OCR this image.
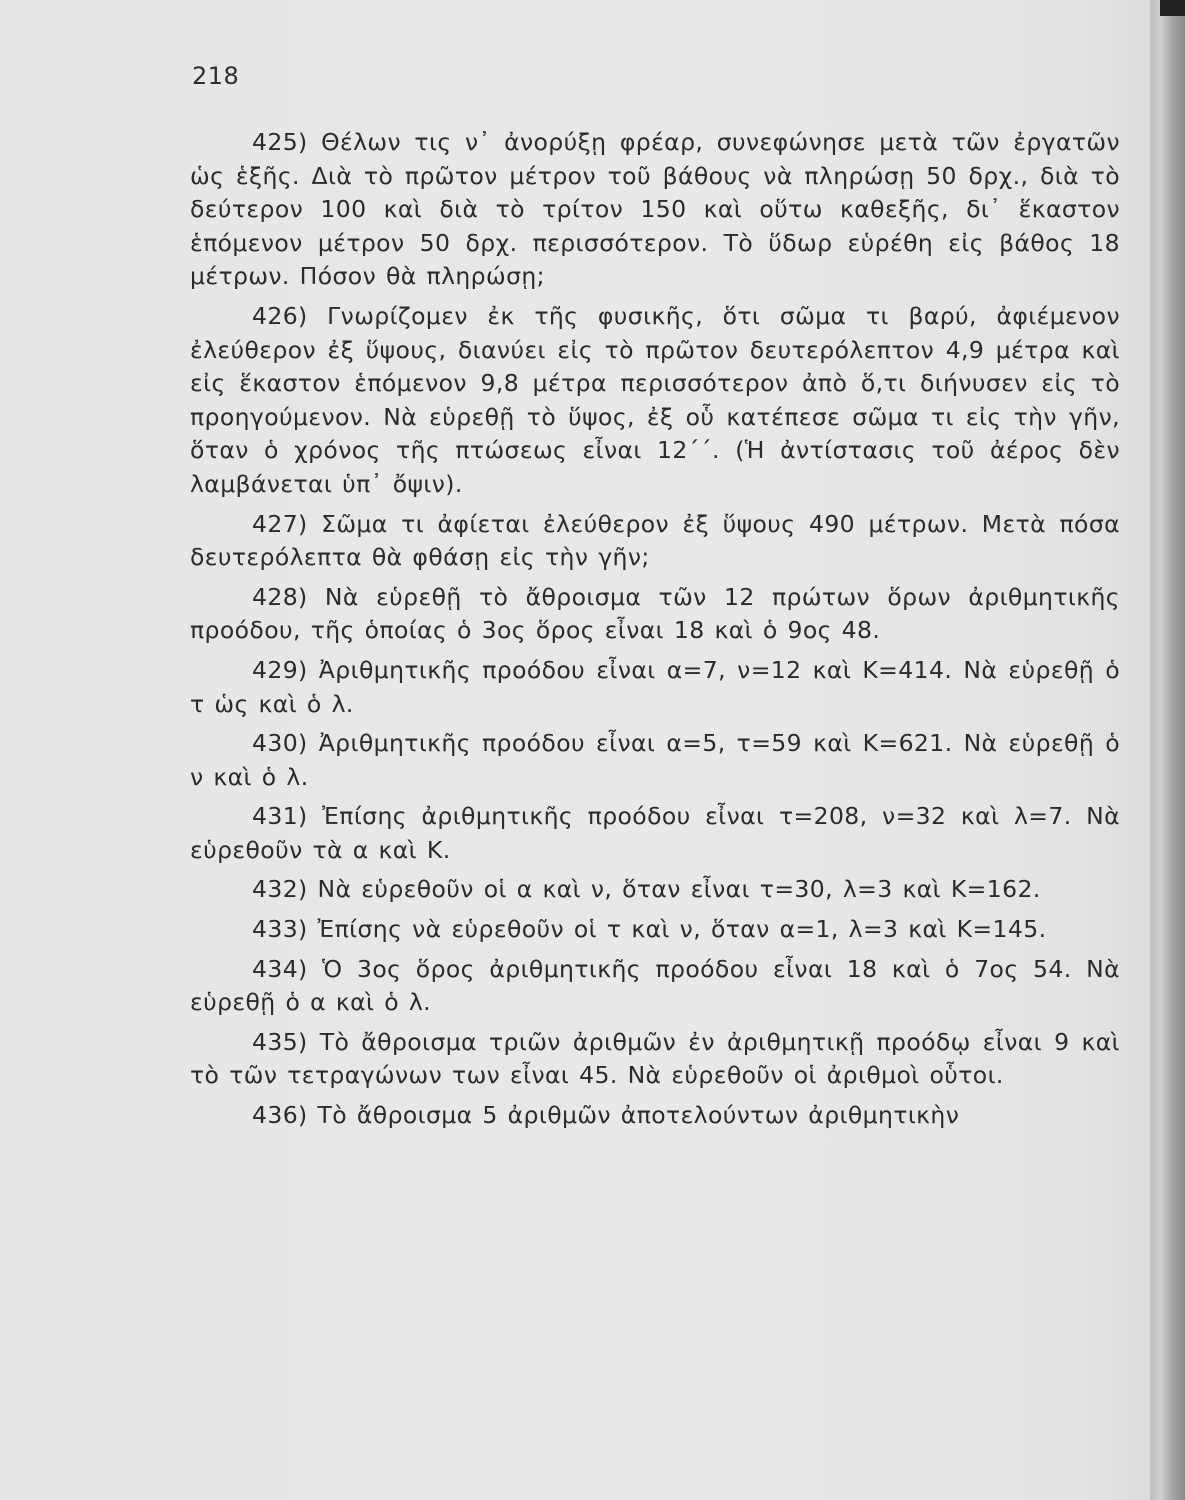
218

425) Θέλων τις ν᾽ ἀνορύξῃ φρέαρ, συνεφώνησε μετὰ τῶν ἐργατῶν ὡς ἑξῆς. Διὰ τὸ πρῶτον μέτρον τοῦ βάθους νὰ πληρώσῃ 50 δρχ., διὰ τὸ δεύτερον 100 καὶ διὰ τὸ τρίτον 150 καὶ οὕτω καθεξῆς, δι᾽ ἕκαστον ἑπόμενον μέτρον 50 δρχ. περισσότερον. Τὸ ὕδωρ εὑρέθη εἰς βάθος 18 μέτρων. Πόσον θὰ πληρώσῃ;

426) Γνωρίζομεν ἐκ τῆς φυσικῆς, ὅτι σῶμα τι βαρύ, ἀφιέμενον ἐλεύθερον ἐξ ὕψους, διανύει εἰς τὸ πρῶτον δευτερόλεπτον 4,9 μέτρα καὶ εἰς ἕκαστον ἑπόμενον 9,8 μέτρα περισσότερον ἀπὸ ὅ,τι διήνυσεν εἰς τὸ προηγούμενον. Νὰ εὑρεθῇ τὸ ὕψος, ἐξ οὗ κατέπεσε σῶμα τι εἰς τὴν γῆν, ὅταν ὁ χρόνος τῆς πτώσεως εἶναι 12΄΄. (Ἡ ἀντίστασις τοῦ ἀέρος δὲν λαμβάνεται ὑπ᾽ ὄψιν).

427) Σῶμα τι ἀφίεται ἐλεύθερον ἐξ ὕψους 490 μέτρων. Μετὰ πόσα δευτερόλεπτα θὰ φθάσῃ εἰς τὴν γῆν;

428) Νὰ εὑρεθῇ τὸ ἄθροισμα τῶν 12 πρώτων ὅρων ἀριθμητικῆς προόδου, τῆς ὁποίας ὁ 3ος ὅρος εἶναι 18 καὶ ὁ 9ος 48.

429) Ἀριθμητικῆς προόδου εἶναι α=7, ν=12 καὶ Κ=414. Νὰ εὑρεθῇ ὁ τ ὡς καὶ ὁ λ.

430) Ἀριθμητικῆς προόδου εἶναι α=5, τ=59 καὶ Κ=621. Νὰ εὑρεθῇ ὁ ν καὶ ὁ λ.

431) Ἐπίσης ἀριθμητικῆς προόδου εἶναι τ=208, ν=32 καὶ λ=7. Νὰ εὑρεθοῦν τὰ α καὶ Κ.

432) Νὰ εὑρεθοῦν οἱ α καὶ ν, ὅταν εἶναι τ=30, λ=3 καὶ Κ=162.

433) Ἐπίσης νὰ εὑρεθοῦν οἱ τ καὶ ν, ὅταν α=1, λ=3 καὶ Κ=145.

434) Ὁ 3ος ὅρος ἀριθμητικῆς προόδου εἶναι 18 καὶ ὁ 7ος 54. Νὰ εὑρεθῇ ὁ α καὶ ὁ λ.

435) Τὸ ἄθροισμα τριῶν ἀριθμῶν ἐν ἀριθμητικῇ προόδῳ εἶναι 9 καὶ τὸ τῶν τετραγώνων των εἶναι 45. Νὰ εὑρεθοῦν οἱ ἀριθμοὶ οὗτοι.

436) Τὸ ἄθροισμα 5 ἀριθμῶν ἀποτελούντων ἀριθμητικὴν
